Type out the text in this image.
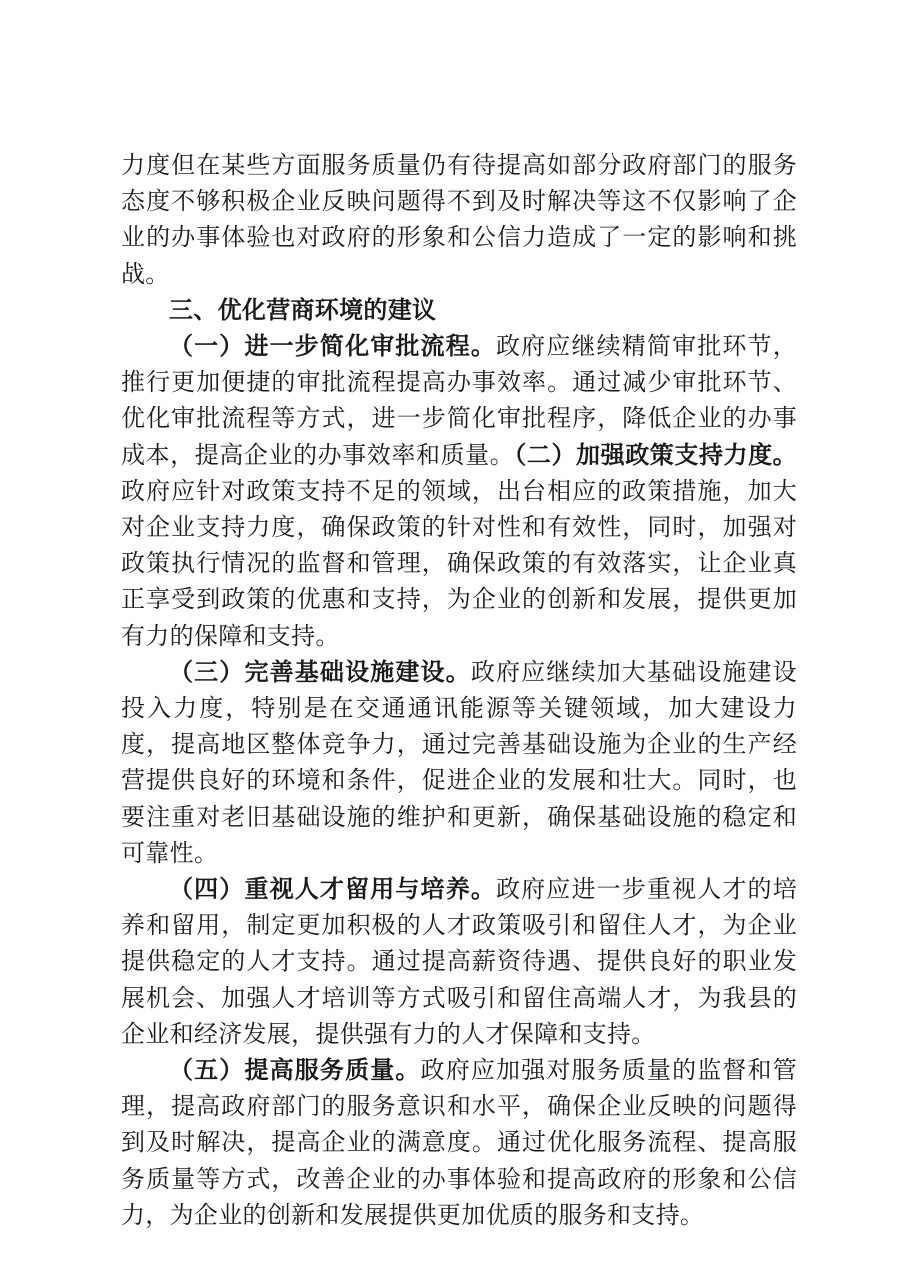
力度但在某些方面服务质量仍有待提高如部分政府部门的服务态度不够积极企业反映问题得不到及时解决等这不仅影响了企业的办事体验也对政府的形象和公信力造成了一定的影响和挑战。

三、优化营商环境的建议

（一）进一步简化审批流程。政府应继续精简审批环节，推行更加便捷的审批流程提高办事效率。通过减少审批环节、优化审批流程等方式，进一步简化审批程序，降低企业的办事成本，提高企业的办事效率和质量。（二）加强政策支持力度。政府应针对政策支持不足的领域，出台相应的政策措施，加大对企业支持力度，确保政策的针对性和有效性，同时，加强对政策执行情况的监督和管理，确保政策的有效落实，让企业真正享受到政策的优惠和支持，为企业的创新和发展，提供更加有力的保障和支持。

（三）完善基础设施建设。政府应继续加大基础设施建设投入力度，特别是在交通通讯能源等关键领域，加大建设力度，提高地区整体竞争力，通过完善基础设施为企业的生产经营提供良好的环境和条件，促进企业的发展和壮大。同时，也要注重对老旧基础设施的维护和更新，确保基础设施的稳定和可靠性。

（四）重视人才留用与培养。政府应进一步重视人才的培养和留用，制定更加积极的人才政策吸引和留住人才，为企业提供稳定的人才支持。通过提高薪资待遇、提供良好的职业发展机会、加强人才培训等方式吸引和留住高端人才，为我县的企业和经济发展，提供强有力的人才保障和支持。

（五）提高服务质量。政府应加强对服务质量的监督和管理，提高政府部门的服务意识和水平，确保企业反映的问题得到及时解决，提高企业的满意度。通过优化服务流程、提高服务质量等方式，改善企业的办事体验和提高政府的形象和公信力，为企业的创新和发展提供更加优质的服务和支持。
